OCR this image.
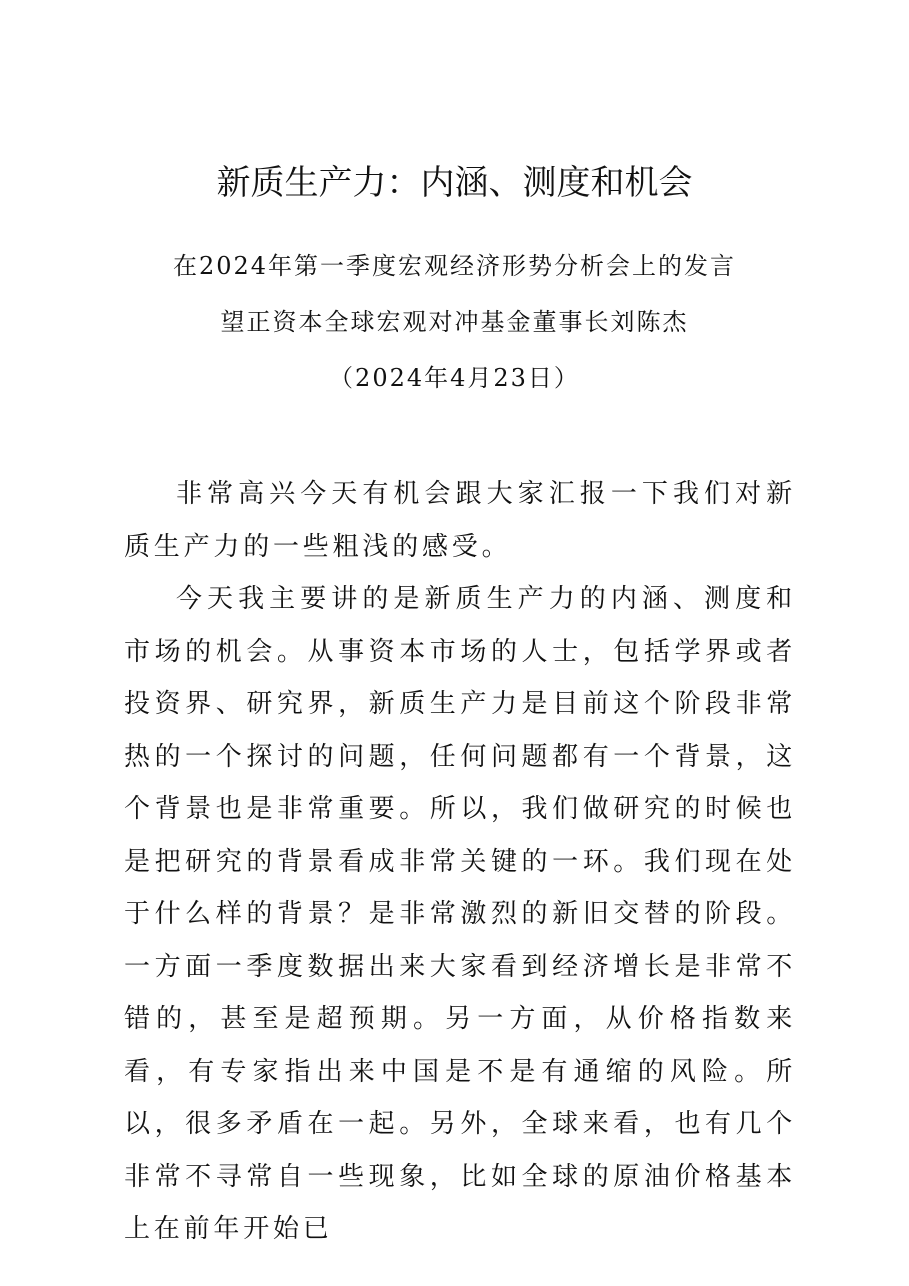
新质生产力：内涵、测度和机会
在2024年第一季度宏观经济形势分析会上的发言
望正资本全球宏观对冲基金董事长刘陈杰
（2024年4月23日）

非常高兴今天有机会跟大家汇报一下我们对新质生产力的一些粗浅的感受。

今天我主要讲的是新质生产力的内涵、测度和市场的机会。从事资本市场的人士，包括学界或者投资界、研究界，新质生产力是目前这个阶段非常热的一个探讨的问题，任何问题都有一个背景，这个背景也是非常重要。所以，我们做研究的时候也是把研究的背景看成非常关键的一环。我们现在处于什么样的背景？是非常激烈的新旧交替的阶段。一方面一季度数据出来大家看到经济增长是非常不错的，甚至是超预期。另一方面，从价格指数来看，有专家指出来中国是不是有通缩的风险。所以，很多矛盾在一起。另外，全球来看，也有几个非常不寻常自一些现象，比如全球的原油价格基本上在前年开始已
